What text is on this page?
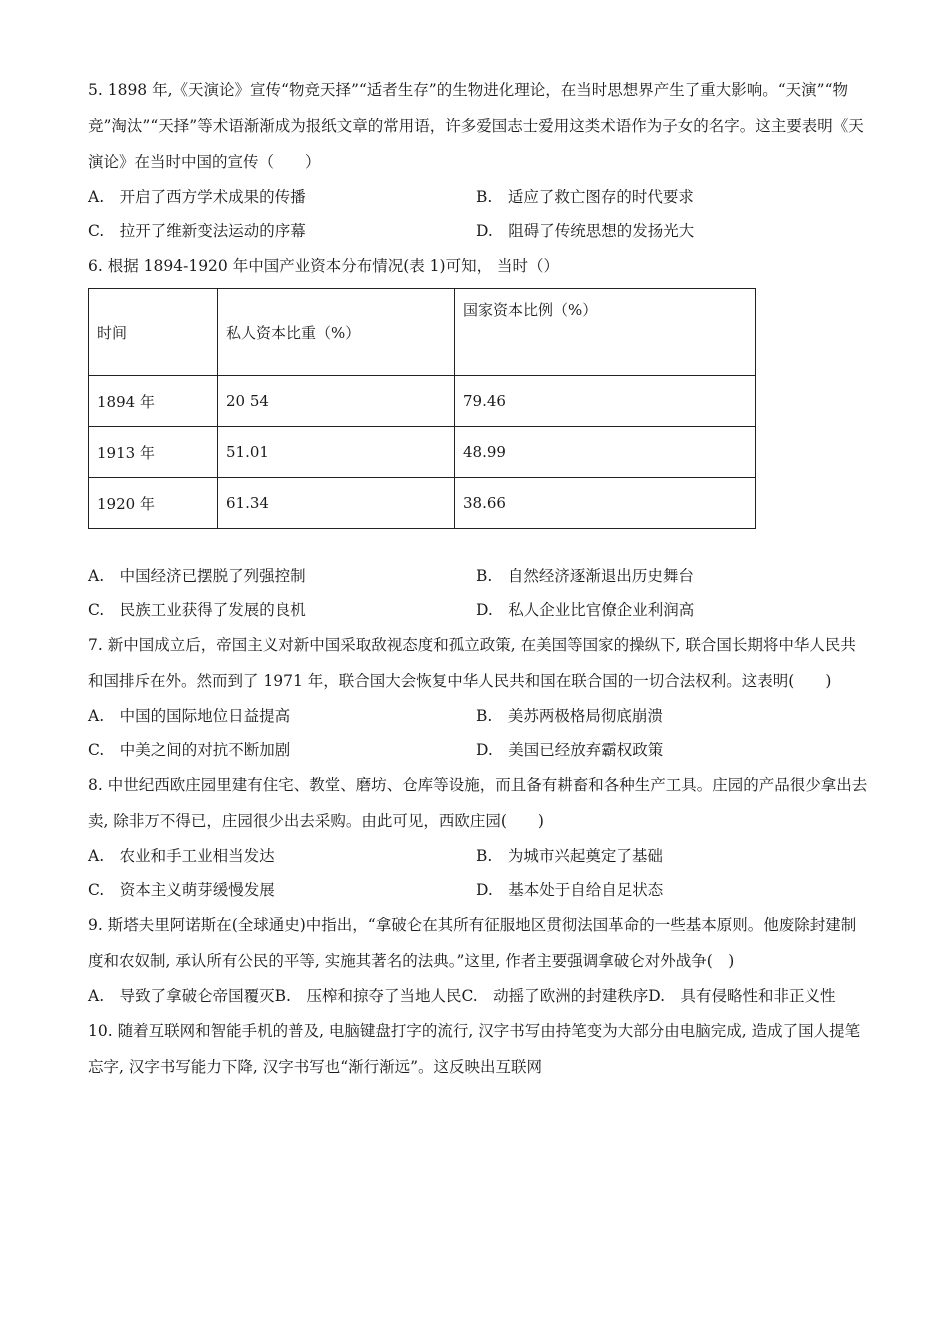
5. 1898 年,《天演论》宣传“物竞天择”“适者生存”的生物进化理论，在当时思想界产生了重大影响。“天演”“物竞”淘汰”“天择”等术语渐渐成为报纸文章的常用语，许多爱国志士爱用这类术语作为子女的名字。这主要表明《天演论》在当时中国的宣传（　　）

A.　开启了西方学术成果的传播	B.　适应了救亡图存的时代要求
C.　拉开了维新变法运动的序幕	D.　阻碍了传统思想的发扬光大

6. 根据 1894-1920 年中国产业资本分布情况(表 1)可知， 当时（）

时间	私人资本比重（%）	国家资本比例（%）
1894 年	20 54	79.46
1913 年	51.01	48.99
1920 年	61.34	38.66
A.　中国经济已摆脱了列强控制	B.　自然经济逐渐退出历史舞台
C.　民族工业获得了发展的良机	D.　私人企业比官僚企业利润高

7. 新中国成立后，帝国主义对新中国采取敌视态度和孤立政策, 在美国等国家的操纵下, 联合国长期将中华人民共和国排斥在外。然而到了 1971 年，联合国大会恢复中华人民共和国在联合国的一切合法权利。这表明(　　)

A.　中国的国际地位日益提高	B.　美苏两极格局彻底崩溃
C.　中美之间的对抗不断加剧	D.　美国已经放弃霸权政策

8. 中世纪西欧庄园里建有住宅、教堂、磨坊、仓库等设施，而且备有耕畜和各种生产工具。庄园的产品很少拿出去卖, 除非万不得已，庄园很少出去采购。由此可见，西欧庄园(　　)

A.　农业和手工业相当发达	B.　为城市兴起奠定了基础
C.　资本主义萌芽缓慢发展	D.　基本处于自给自足状态

9. 斯塔夫里阿诺斯在(全球通史)中指出，“拿破仑在其所有征服地区贯彻法国革命的一些基本原则。他废除封建制度和农奴制, 承认所有公民的平等, 实施其著名的法典。”这里, 作者主要强调拿破仑对外战争(　)

A.　导致了拿破仑帝国覆灭 B.　压榨和掠夺了当地人民 C.　动摇了欧洲的封建秩序 D.　具有侵略性和非正义性

10. 随着互联网和智能手机的普及, 电脑键盘打字的流行, 汉字书写由持笔变为大部分由电脑完成, 造成了国人提笔忘字, 汉字书写能力下降, 汉字书写也“渐行渐远”。这反映出互联网
